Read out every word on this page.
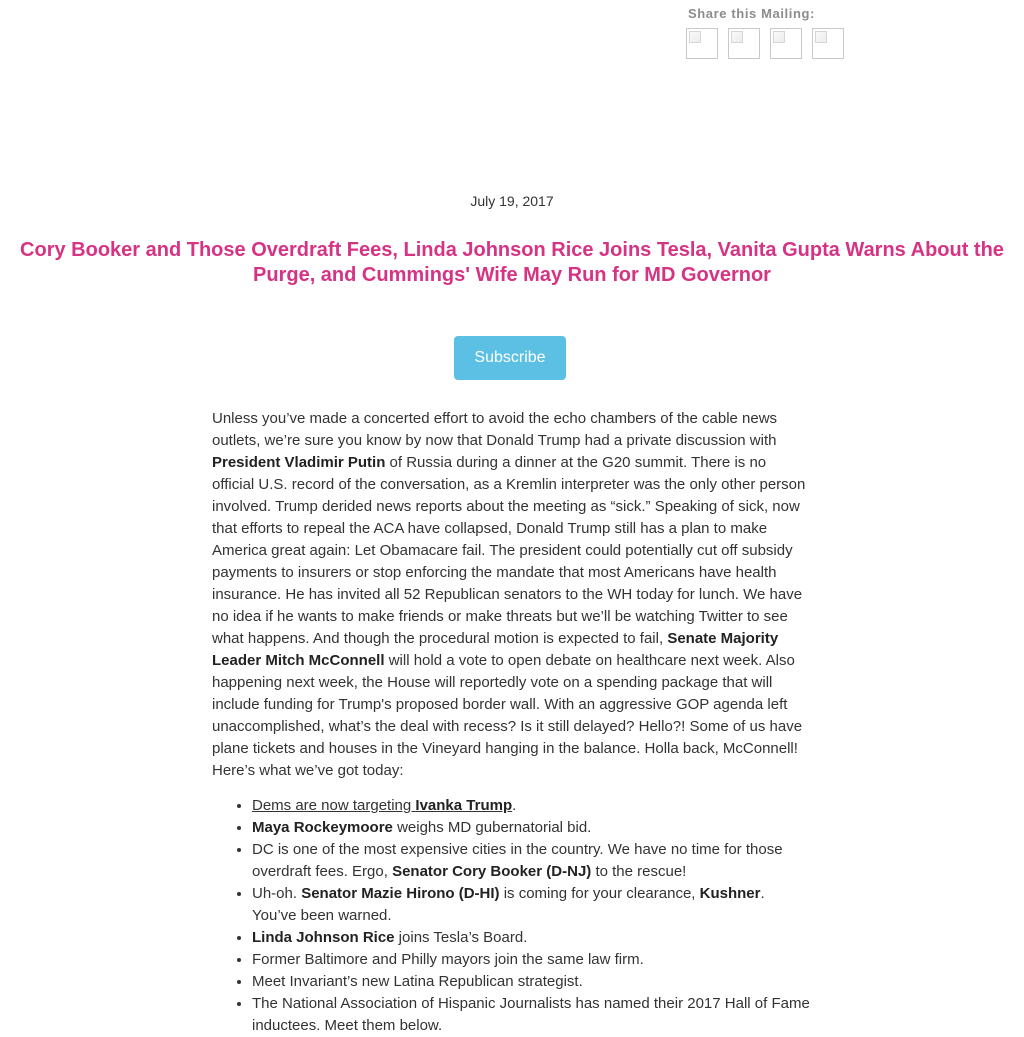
Share this Mailing:
July 19, 2017
Cory Booker and Those Overdraft Fees, Linda Johnson Rice Joins Tesla, Vanita Gupta Warns About the Purge, and Cummings' Wife May Run for MD Governor
Subscribe

Unless you’ve made a concerted effort to avoid the echo chambers of the cable news outlets, we’re sure you know by now that Donald Trump had a private discussion with President Vladimir Putin of Russia during a dinner at the G20 summit. There is no official U.S. record of the conversation, as a Kremlin interpreter was the only other person involved. Trump derided news reports about the meeting as “sick.” Speaking of sick, now that efforts to repeal the ACA have collapsed, Donald Trump still has a plan to make America great again: Let Obamacare fail. The president could potentially cut off subsidy payments to insurers or stop enforcing the mandate that most Americans have health insurance. He has invited all 52 Republican senators to the WH today for lunch. We have no idea if he wants to make friends or make threats but we’ll be watching Twitter to see what happens. And though the procedural motion is expected to fail, Senate Majority Leader Mitch McConnell will hold a vote to open debate on healthcare next week. Also happening next week, the House will reportedly vote on a spending package that will include funding for Trump's proposed border wall. With an aggressive GOP agenda left unaccomplished, what’s the deal with recess? Is it still delayed? Hello?! Some of us have plane tickets and houses in the Vineyard hanging in the balance. Holla back, McConnell! Here’s what we’ve got today:

• Dems are now targeting Ivanka Trump.
• Maya Rockeymoore weighs MD gubernatorial bid.
• DC is one of the most expensive cities in the country. We have no time for those overdraft fees. Ergo, Senator Cory Booker (D-NJ) to the rescue!
• Uh-oh. Senator Mazie Hirono (D-HI) is coming for your clearance, Kushner. You’ve been warned.
• Linda Johnson Rice joins Tesla’s Board.
• Former Baltimore and Philly mayors join the same law firm.
• Meet Invariant’s new Latina Republican strategist.
• The National Association of Hispanic Journalists has named their 2017 Hall of Fame inductees. Meet them below.
